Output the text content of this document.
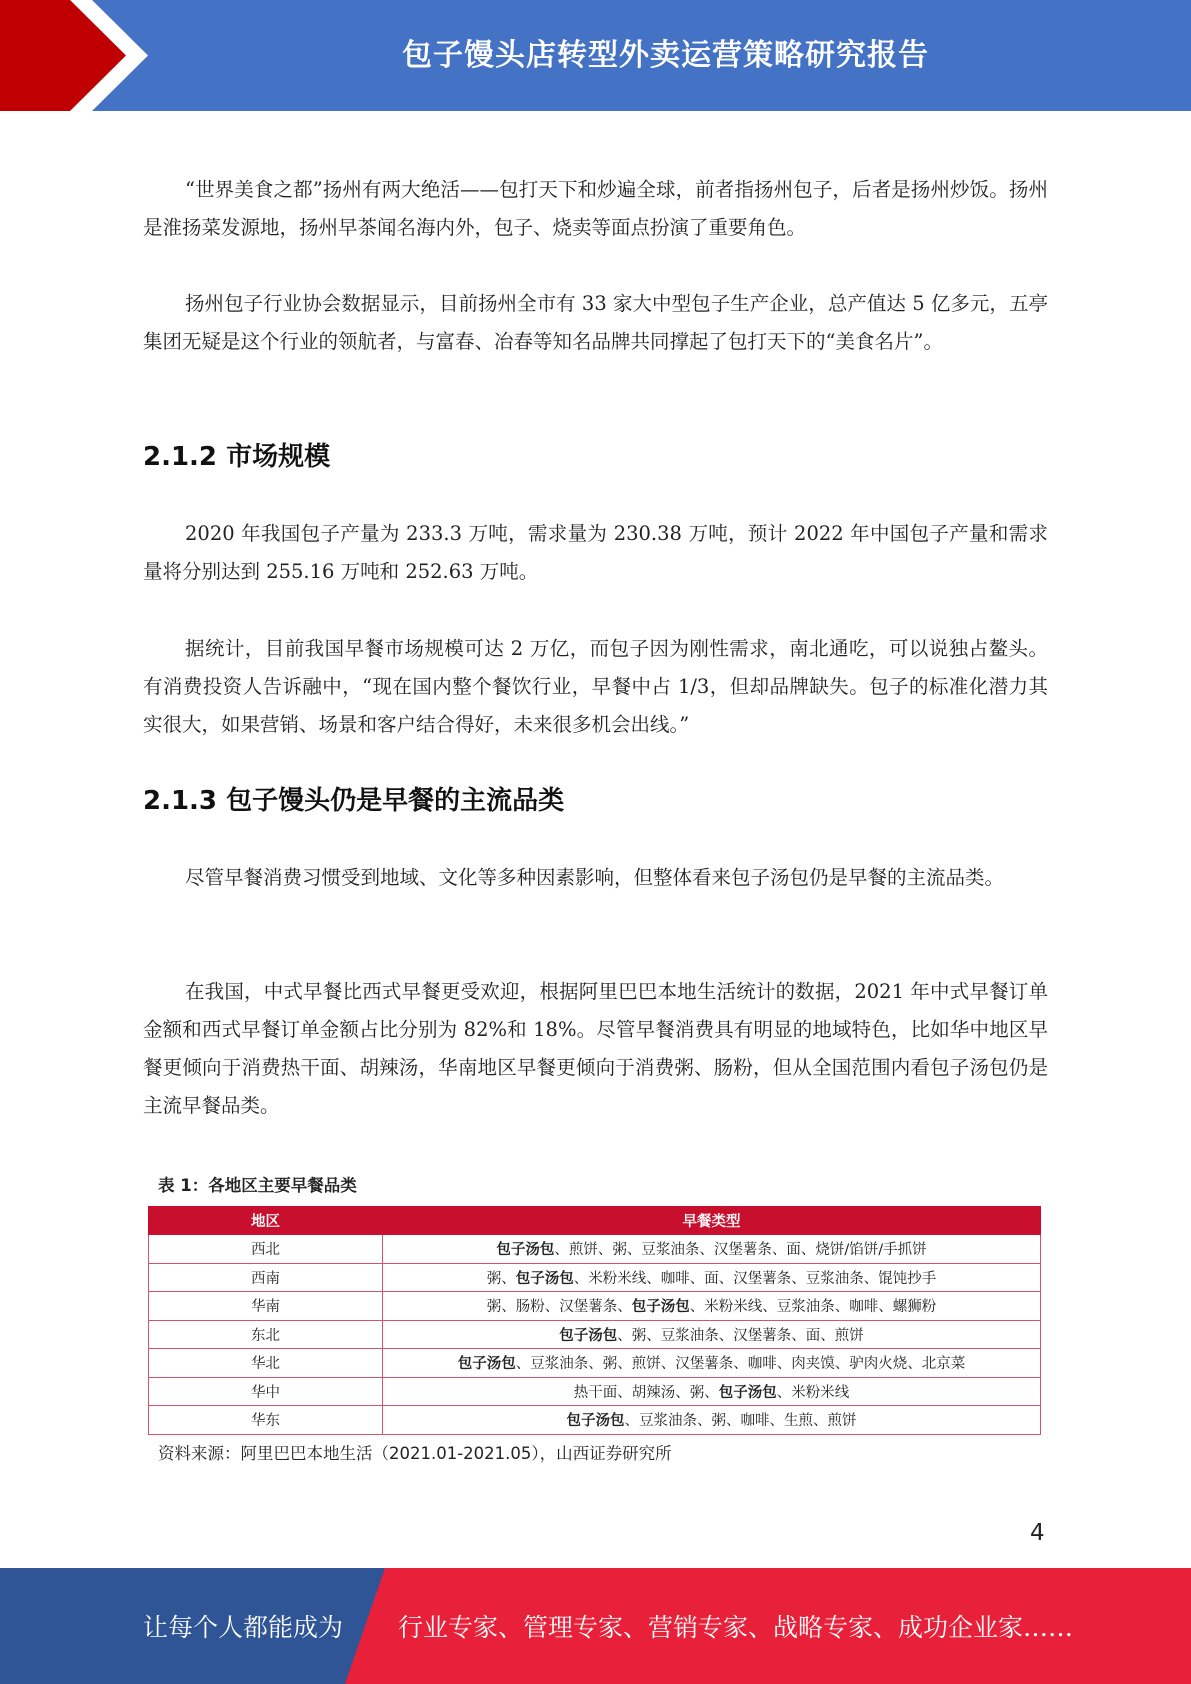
包子馒头店转型外卖运营策略研究报告

“世界美食之都”扬州有两大绝活——包打天下和炒遍全球，前者指扬州包子，后者是扬州炒饭。扬州是淮扬菜发源地，扬州早茶闻名海内外，包子、烧卖等面点扮演了重要角色。

扬州包子行业协会数据显示，目前扬州全市有 33 家大中型包子生产企业，总产值达 5 亿多元，五亭集团无疑是这个行业的领航者，与富春、冶春等知名品牌共同撑起了包打天下的“美食名片”。

2.1.2 市场规模

2020 年我国包子产量为 233.3 万吨，需求量为 230.38 万吨，预计 2022 年中国包子产量和需求量将分别达到 255.16 万吨和 252.63 万吨。

据统计，目前我国早餐市场规模可达 2 万亿，而包子因为刚性需求，南北通吃，可以说独占鳌头。有消费投资人告诉融中，“现在国内整个餐饮行业，早餐中占 1/3，但却品牌缺失。包子的标准化潜力其实很大，如果营销、场景和客户结合得好，未来很多机会出线。”

2.1.3 包子馒头仍是早餐的主流品类

尽管早餐消费习惯受到地域、文化等多种因素影响，但整体看来包子汤包仍是早餐的主流品类。

在我国，中式早餐比西式早餐更受欢迎，根据阿里巴巴本地生活统计的数据，2021 年中式早餐订单金额和西式早餐订单金额占比分别为 82%和 18%。尽管早餐消费具有明显的地域特色，比如华中地区早餐更倾向于消费热干面、胡辣汤，华南地区早餐更倾向于消费粥、肠粉，但从全国范围内看包子汤包仍是主流早餐品类。

表 1：各地区主要早餐品类
地区	早餐类型
西北	包子汤包、煎饼、粥、豆浆油条、汉堡薯条、面、烧饼/馅饼/手抓饼
西南	粥、包子汤包、米粉米线、咖啡、面、汉堡薯条、豆浆油条、馄饨抄手
华南	粥、肠粉、汉堡薯条、包子汤包、米粉米线、豆浆油条、咖啡、螺狮粉
东北	包子汤包、粥、豆浆油条、汉堡薯条、面、煎饼
华北	包子汤包、豆浆油条、粥、煎饼、汉堡薯条、咖啡、肉夹馍、驴肉火烧、北京菜
华中	热干面、胡辣汤、粥、包子汤包、米粉米线
华东	包子汤包、豆浆油条、粥、咖啡、生煎、煎饼
资料来源：阿里巴巴本地生活（2021.01-2021.05），山西证券研究所
4
让每个人都能成为 行业专家、管理专家、营销专家、战略专家、成功企业家……
